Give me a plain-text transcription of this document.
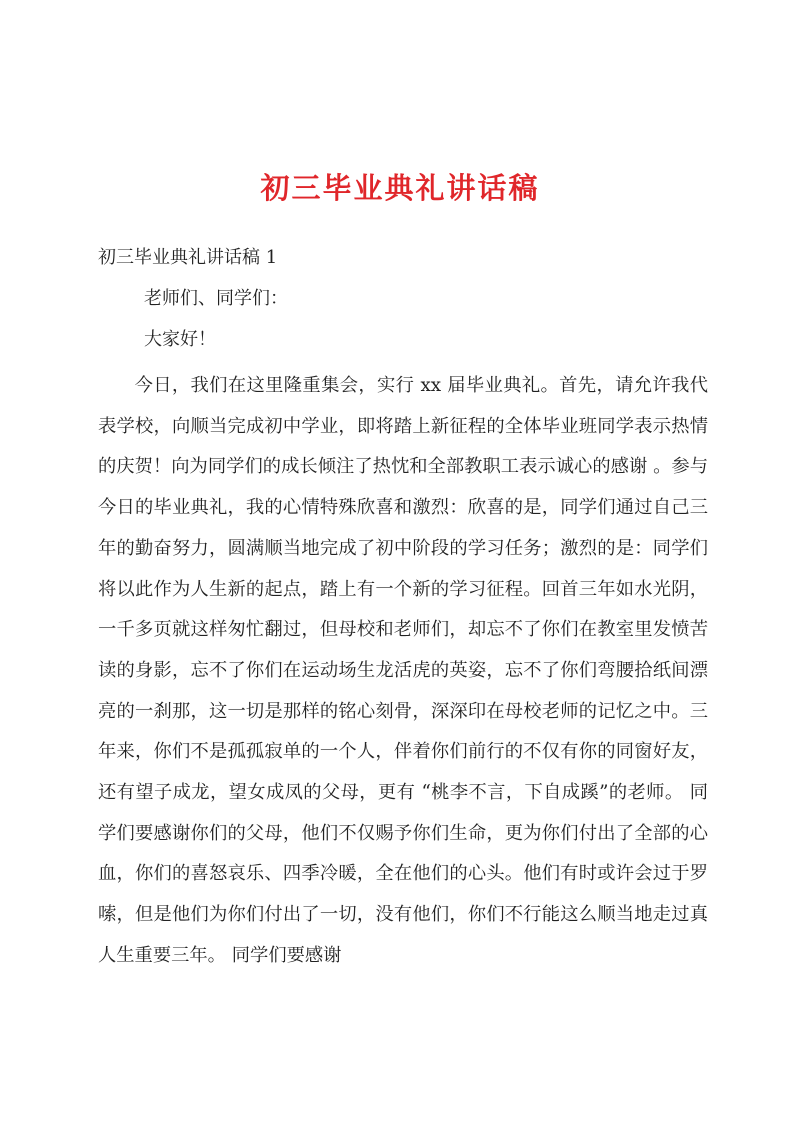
初三毕业典礼讲话稿
初三毕业典礼讲话稿 1
老师们、同学们：
大家好！

今日，我们在这里隆重集会，实行 xx 届毕业典礼。首先，请允许我代表学校，向顺当完成初中学业，即将踏上新征程的全体毕业班同学表示热情的庆贺！向为同学们的成长倾注了热忱和全部教职工表示诚心的感谢 。参与今日的毕业典礼，我的心情特殊欣喜和激烈：欣喜的是，同学们通过自己三年的勤奋努力，圆满顺当地完成了初中阶段的学习任务；激烈的是：同学们将以此作为人生新的起点，踏上有一个新的学习征程。回首三年如水光阴，一千多页就这样匆忙翻过，但母校和老师们，却忘不了你们在教室里发愤苦读的身影，忘不了你们在运动场生龙活虎的英姿，忘不了你们弯腰拾纸间漂亮的一刹那，这一切是那样的铭心刻骨，深深印在母校老师的记忆之中。三年来，你们不是孤孤寂单的一个人，伴着你们前行的不仅有你的同窗好友，还有望子成龙，望女成凤的父母，更有 “桃李不言，下自成蹊”的老师。 同学们要感谢你们的父母，他们不仅赐予你们生命，更为你们付出了全部的心血，你们的喜怒哀乐、四季冷暖，全在他们的心头。他们有时或许会过于罗嗦，但是他们为你们付出了一切，没有他们，你们不行能这么顺当地走过真人生重要三年。 同学们要感谢
